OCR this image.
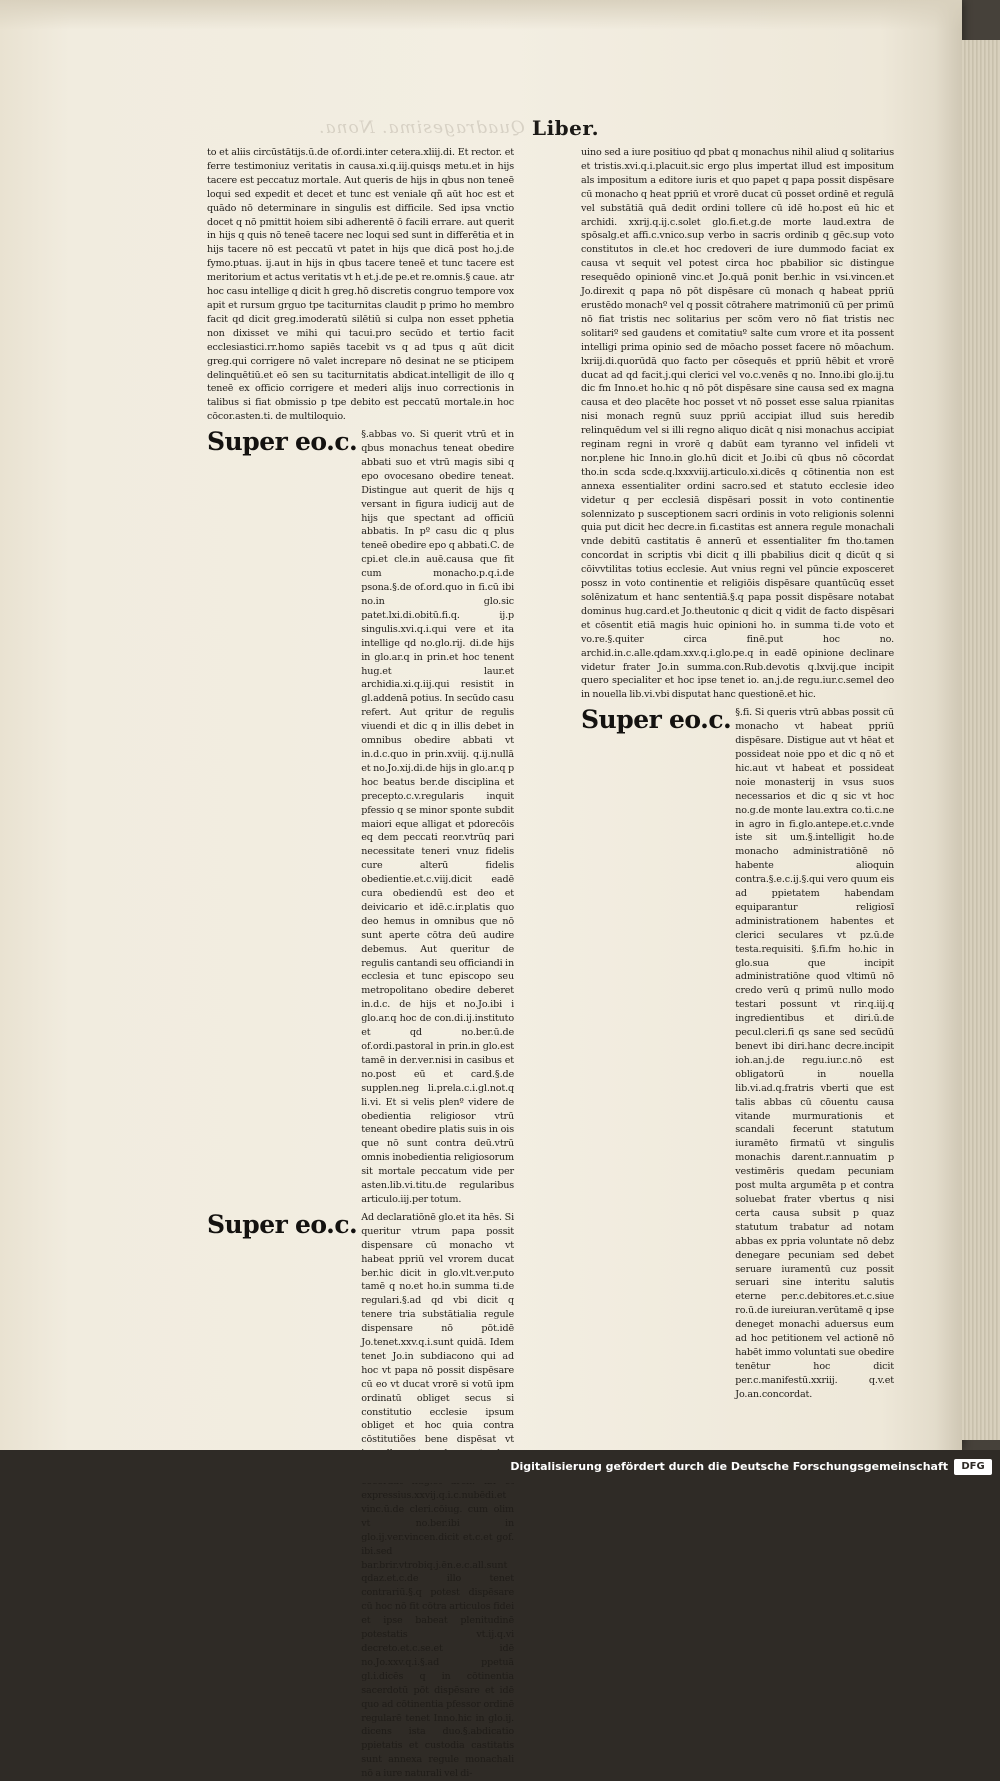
Quadragesima. Nona. Liber.
to et aliis circūstātijs.ū.de of.ordi.inter cetera.xliij.di. Et rector. et ferre testimoniuz veritatis in causa.xi.q.iij.quisqs metu.et in hijs tacere est peccatuz mortale. Aut queris de hijs in qbus non teneē loqui sed expedit et decet et tunc est veniale qñ aūt hoc est et quādo nō determinare in singulis est difficile. Sed ipsa vnctio docet q nō pmittit hoiem sibi adherentē ō facili errare. aut querit in hijs q quis nō teneē tacere nec loqui sed sunt in differētia et in hijs tacere nō est peccatū vt patet in hijs que dicā post ho.j.de fymo.ptuas. ij.aut in hijs in qbus tacere teneē et tunc tacere est meritorium et actus veritatis vt h et.j.de pe.et re.omnis.§ caue. atr hoc casu intellige q dicit h greg.hō discretis congruo tempore vox apit et rursum grguo tpe taciturnitas claudit p primo ho membro facit qd dicit greg.imoderatū silētiū si culpa non esset pphetia non dixisset ve mihi qui tacui.pro secūdo et tertio facit ecclesiastici.rr.homo sapiēs tacebit vs q ad tpus q aūt dicit greg.qui corrigere nō valet increpare nō desinat ne se pticipem delinquētiū.et eō sen su taciturnitatis abdicat.intelligit de illo q teneē ex officio corrigere et mederi alijs inuo correctionis in talibus si fiat obmissio p tpe debito est peccatū mortale.in hoc cōcor.asten.ti. de multiloquio.
Super eo.c. §.abbas vo. Si querit vtrū et in qbus monachus teneat obedire abbati suo et vtrū magis sibi q epo ovocesano obedire teneat. Distingue aut querit de hijs q versant in figura iudicij aut de hijs que spectant ad officiū abbatis. In pº casu dic q plus teneē obedire epo q abbati.C. de cpi.et cle.in auē.causa que fit cum monacho.p.q.i.de psona.§.de of.ord.quo in fi.cū ibi no.in glo.sic patet.lxi.di.obitū.fi.q. ij.p singulis.xvi.q.i.qui vere et ita intellige qd no.glo.rij. di.de hijs in glo.ar.q in prin.et hoc tenent hug.et laur.et archidia.xi.q.iij.qui resistit in gl.addenā potius. In secūdo casu refert. Aut qritur de regulis viuendi et dic q in illis debet in omnibus obedire abbati vt in.d.c.quo in prin.xviij. q.ij.nullā et no.Jo.xij.di.de hijs in glo.ar.q p hoc beatus ber.de disciplina et precepto.c.v.regularis inquit pfessio q se minor sponte subdit maiori eque alligat et pdorecōis eq dem peccati reor.vtrūq pari necessitate teneri vnuz fidelis cure alterū fidelis obedientie.et.c.viij.dicit eadē cura obediendū est deo et deivicario et idē.c.ir.platis quo deo hemus in omnibus que nō sunt aperte cōtra deū audire debemus. Aut queritur de regulis cantandi seu officiandi in ecclesia et tunc episcopo seu metropolitano obedire deberet in.d.c. de hijs et no.Jo.ibi i glo.ar.q hoc de con.di.ij.instituto et qd no.ber.ū.de of.ordi.pastoral in prin.in glo.est tamē in der.ver.nisi in casibus et no.post eū et card.§.de supplen.neg li.prela.c.i.gl.not.q li.vi. Et si velis plenº videre de obedientia religiosor vtrū teneant obedire platis suis in ois que nō sunt contra deū.vtrū omnis inobedientia religiosorum sit mortale peccatum vide per asten.lib.vi.titu.de regularibus articulo.iij.per totum.
Super eo.c. Ad declaratiōnē glo.et ita hēs. Si queritur vtrum papa possit dispensare cū monacho vt habeat ppriū vel vrorem ducat ber.hic dicit in glo.vlt.ver.puto tamē q no.et ho.in summa ti.de regulari.§.ad qd vbi dicit q tenere tria substātialia regule dispensare nō pōt.idē Jo.tenet.xxv.q.i.sunt quidā. Idem tenet Jo.in subdiacono qui ad hoc vt papa nō possit dispēsare cū eo vt ducat vrorē si votū ipm ordinatū obliget secus si constitutio ecclesie ipsum obliget et hoc quia contra cōstitutiões bene dispēsat vt expressius.xxvij.q.i.c.nubēdi.et vinc.ū.de cleri.cōiug. cum olim vt no.ber.ibi in glo.ij.ver.vincen.dicit et.c.et gof. ibi.sed bar.brir.vtrobiq.j.ēn.e.c.all.sunt qdaz.et.c.de illo tenet contrariū.§.q potest dispēsare cū hoc nō fit cōtra articulos fidei et ipse babeat plenitudinē potestatis vt.ij.q.vi decreto.et.c.se.et idē no.Jo.xxv.q.i.§.ad ppetuā gl.i.dicēs q in cōtinentia sacerdotū pōt dispēsare et idē quo ad cōtinentia pfessor ordinē regularē tenet Inno.hic in glo.ij. dicens ista duo.§.abdicatio ppietatis et custodia castitatis sunt annexa regule monachali nō a iure naturali vel di-
uino sed a iure positiuo qd pbat q monachus nihil aliud q solitarius et tristis.xvi.q.i.placuit.sic ergo plus impertat illud est impositum als impositum a editore iuris et quo papet q papa possit dispēsare cū monacho q heat ppriū et vrorē ducat cū posset ordinē et regulā vel substātiā quā dedit ordini tollere cū idē ho.post eū hic et archidi. xxrij.q.ij.c.solet glo.fi.et.g.de morte laud.extra de spōsalg.et affi.c.vnico.sup verbo in sacris ordinib q gēc.sup voto constitutos in cle.et hoc credoveri de iure dummodo faciat ex causa vt sequit vel potest circa hoc pbabilior sic distingue resequēdo opinionē vinc.et Jo.quā ponit ber.hic in vsi.vincen.et Jo.direxit q papa nō pōt dispēsare cū monach q habeat ppriū erustēdo monachº vel q possit cōtrahere matrimoniū cū per primū nō fiat tristis nec solitarius per scōm vero nō fiat tristis nec solitariº sed gaudens et comitatiuº salte cum vrore et ita possent intelligi prima opinio sed de mōacho posset facere nō mōachum. lxriij.di.quorūdā quo facto per cōsequēs et ppriū hēbit et vrorē ducat ad qd facit.j.qui clerici vel vo.c.venēs q no. Inno.ibi glo.ij.tu dic fm Inno.et ho.hic q nō pōt dispēsare sine causa sed ex magna causa et deo placēte hoc posset vt nō posset esse salua rpianitas nisi monach regnū suuz ppriū accipiat illud suis heredib relinquēdum vel si illi regno aliquo dicāt q nisi monachus accipiat reginam regni in vrorē q dabūt eam tyranno vel infideli vt nor.plene hic Inno.in glo.hū dicit et Jo.ibi cū qbus nō cōcordat tho.in scda scde.q.lxxxviij.articulo.xi.dicēs q cōtinentia non est annexa essentialiter ordini sacro.sed et statuto ecclesie ideo videtur q per ecclesiā dispēsari possit in voto continentie solennizato p susceptionem sacri ordinis in voto religionis solenni quia put dicit hec decre.in fi.castitas est annera regule monachali vnde debitū castitatis ē annerū et essentialiter fm tho.tamen concordat in scriptis vbi dicit q illi pbabilius dicit q dicūt q si cōivvtilitas totius ecclesie. Aut vnius regni vel pūncie exposceret possz in voto continentie et religiōis dispēsare quantūcūq esset solēnizatum et hanc sententiā.§.q papa possit dispēsare notabat dominus hug.card.et Jo.theutonic q dicit q vidit de facto dispēsari et cōsentit etiā magis huic opinioni ho. in summa ti.de voto et vo.re.§.quiter circa finē.put hoc no. archid.in.c.alle.qdam.xxv.q.i.glo.pe.q in eadē opinione declinare videtur frater Jo.in summa.con.Rub.devotis q.lxvij.que incipit quero specialiter et hoc ipse tenet io. an.j.de regu.iur.c.semel deo in nouella lib.vi.vbi disputat hanc questionē.et hic.
Super eo.c. §.fi. Si queris vtrū abbas possit cū monacho vt habeat ppriū dispēsare. Distigue aut vt hēat et possideat noie ppo et dic q nō et hic.aut vt habeat et possideat noie monasterij in vsus suos necessarios et dic q sic vt hoc no.g.de monte lau.extra co.ti.c.ne in agro in fi.glo.antepe.et.c.vnde iste sit um.§.intelligit ho.de monacho administratiōnē nō habente alioquin contra.§.e.c.ij.§.qui vero quum eis ad ppietatem habendam equiparantur religiosī administrationem habentes et clerici seculares vt pz.ū.de testa.requisiti. §.fi.fm ho.hic in glo.sua que incipit administratiōne quod vltimū nō credo verū q primū nullo modo testari possunt vt rir.q.iij.q ingredientibus et diri.ū.de pecul.cleri.fi qs sane sed secūdū benevt ibi diri.hanc decre.incipit ioh.an.j.de regu.iur.c.nō est obligatorū in nouella lib.vi.ad.q.fratris vberti que est talis abbas cū cōuentu causa vitande murmurationis et scandali fecerunt statutum iuramēto firmatū vt singulis monachis darent.r.annuatim p vestimēris quedam pecuniam post multa argumēta p et contra soluebat frater vbertus q nisi certa causa subsit p quaz statutum trabatur ad notam abbas ex ppria voluntate nō debz denegare pecuniam sed debet seruare iuramentū cuz possit seruari sine interitu salutis eterne per.c.debitores.et.c.siue ro.ū.de iureiuran.verūtamē q ipse deneget monachi aduersus eum ad hoc petitionem vel actionē nō habēt immo voluntati sue obedire tenētur hoc dicit per.c.manifestū.xxriij. q.v.et Jo.an.concordat.
Digitalisierung gefördert durch die Deutsche Forschungsgemeinschaft	DFG
